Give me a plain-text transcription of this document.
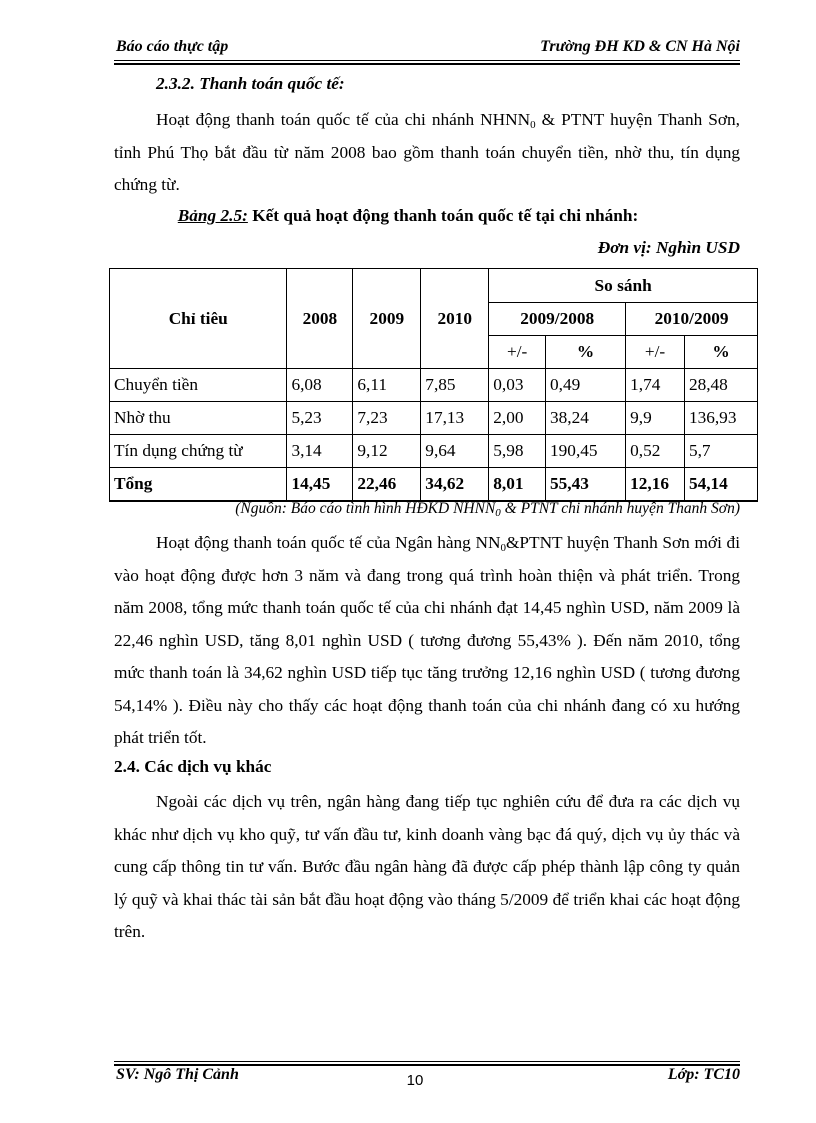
Báo cáo thực tập	Trường ĐH KD & CN Hà Nội
2.3.2. Thanh toán quốc tế:
Hoạt động thanh toán quốc tế của chi nhánh $NHNN_0$ & PTNT huyện Thanh Sơn, tỉnh Phú Thọ bắt đầu từ năm 2008 bao gồm thanh toán chuyển tiền, nhờ thu, tín dụng chứng từ.
Bảng 2.5: Kết quả hoạt động thanh toán quốc tế tại chi nhánh:
Đơn vị: Nghìn USD
Chỉ tiêu	2008	2009	2010	So sánh			
				2009/2008		2010/2009	
				+/-	%	+/-	%
Chuyển tiền	6,08	6,11	7,85	0,03	0,49	1,74	28,48
Nhờ thu	5,23	7,23	17,13	2,00	38,24	9,9	136,93
Tín dụng chứng từ	3,14	9,12	9,64	5,98	190,45	0,52	5,7
Tổng	14,45	22,46	34,62	8,01	55,43	12,16	54,14
(Nguồn: Báo cáo tình hình HĐKD $NHNN_0$ & PTNT chi nhánh huyện Thanh Sơn)
Hoạt động thanh toán quốc tế của Ngân hàng $NN_0\&PTNT$ huyện Thanh Sơn mới đi vào hoạt động được hơn 3 năm và đang trong quá trình hoàn thiện và phát triển. Trong năm 2008, tổng mức thanh toán quốc tế của chi nhánh đạt 14,45 nghìn USD, năm 2009 là 22,46 nghìn USD, tăng 8,01 nghìn USD ( tương đương 55,43% ). Đến năm 2010, tổng mức thanh toán là 34,62 nghìn USD tiếp tục tăng trưởng 12,16 nghìn USD ( tương đương 54,14% ). Điều này cho thấy các hoạt động thanh toán của chi nhánh đang có xu hướng phát triển tốt.
2.4. Các dịch vụ khác
Ngoài các dịch vụ trên, ngân hàng đang tiếp tục nghiên cứu để đưa ra các dịch vụ khác như dịch vụ kho quỹ, tư vấn đầu tư, kinh doanh vàng bạc đá quý, dịch vụ ủy thác và cung cấp thông tin tư vấn. Bước đầu ngân hàng đã được cấp phép thành lập công ty quản lý quỹ và khai thác tài sản bắt đầu hoạt động vào tháng 5/2009 để triển khai các hoạt động trên.
SV: Ngô Thị Cảnh	Lớp: TC10
10
